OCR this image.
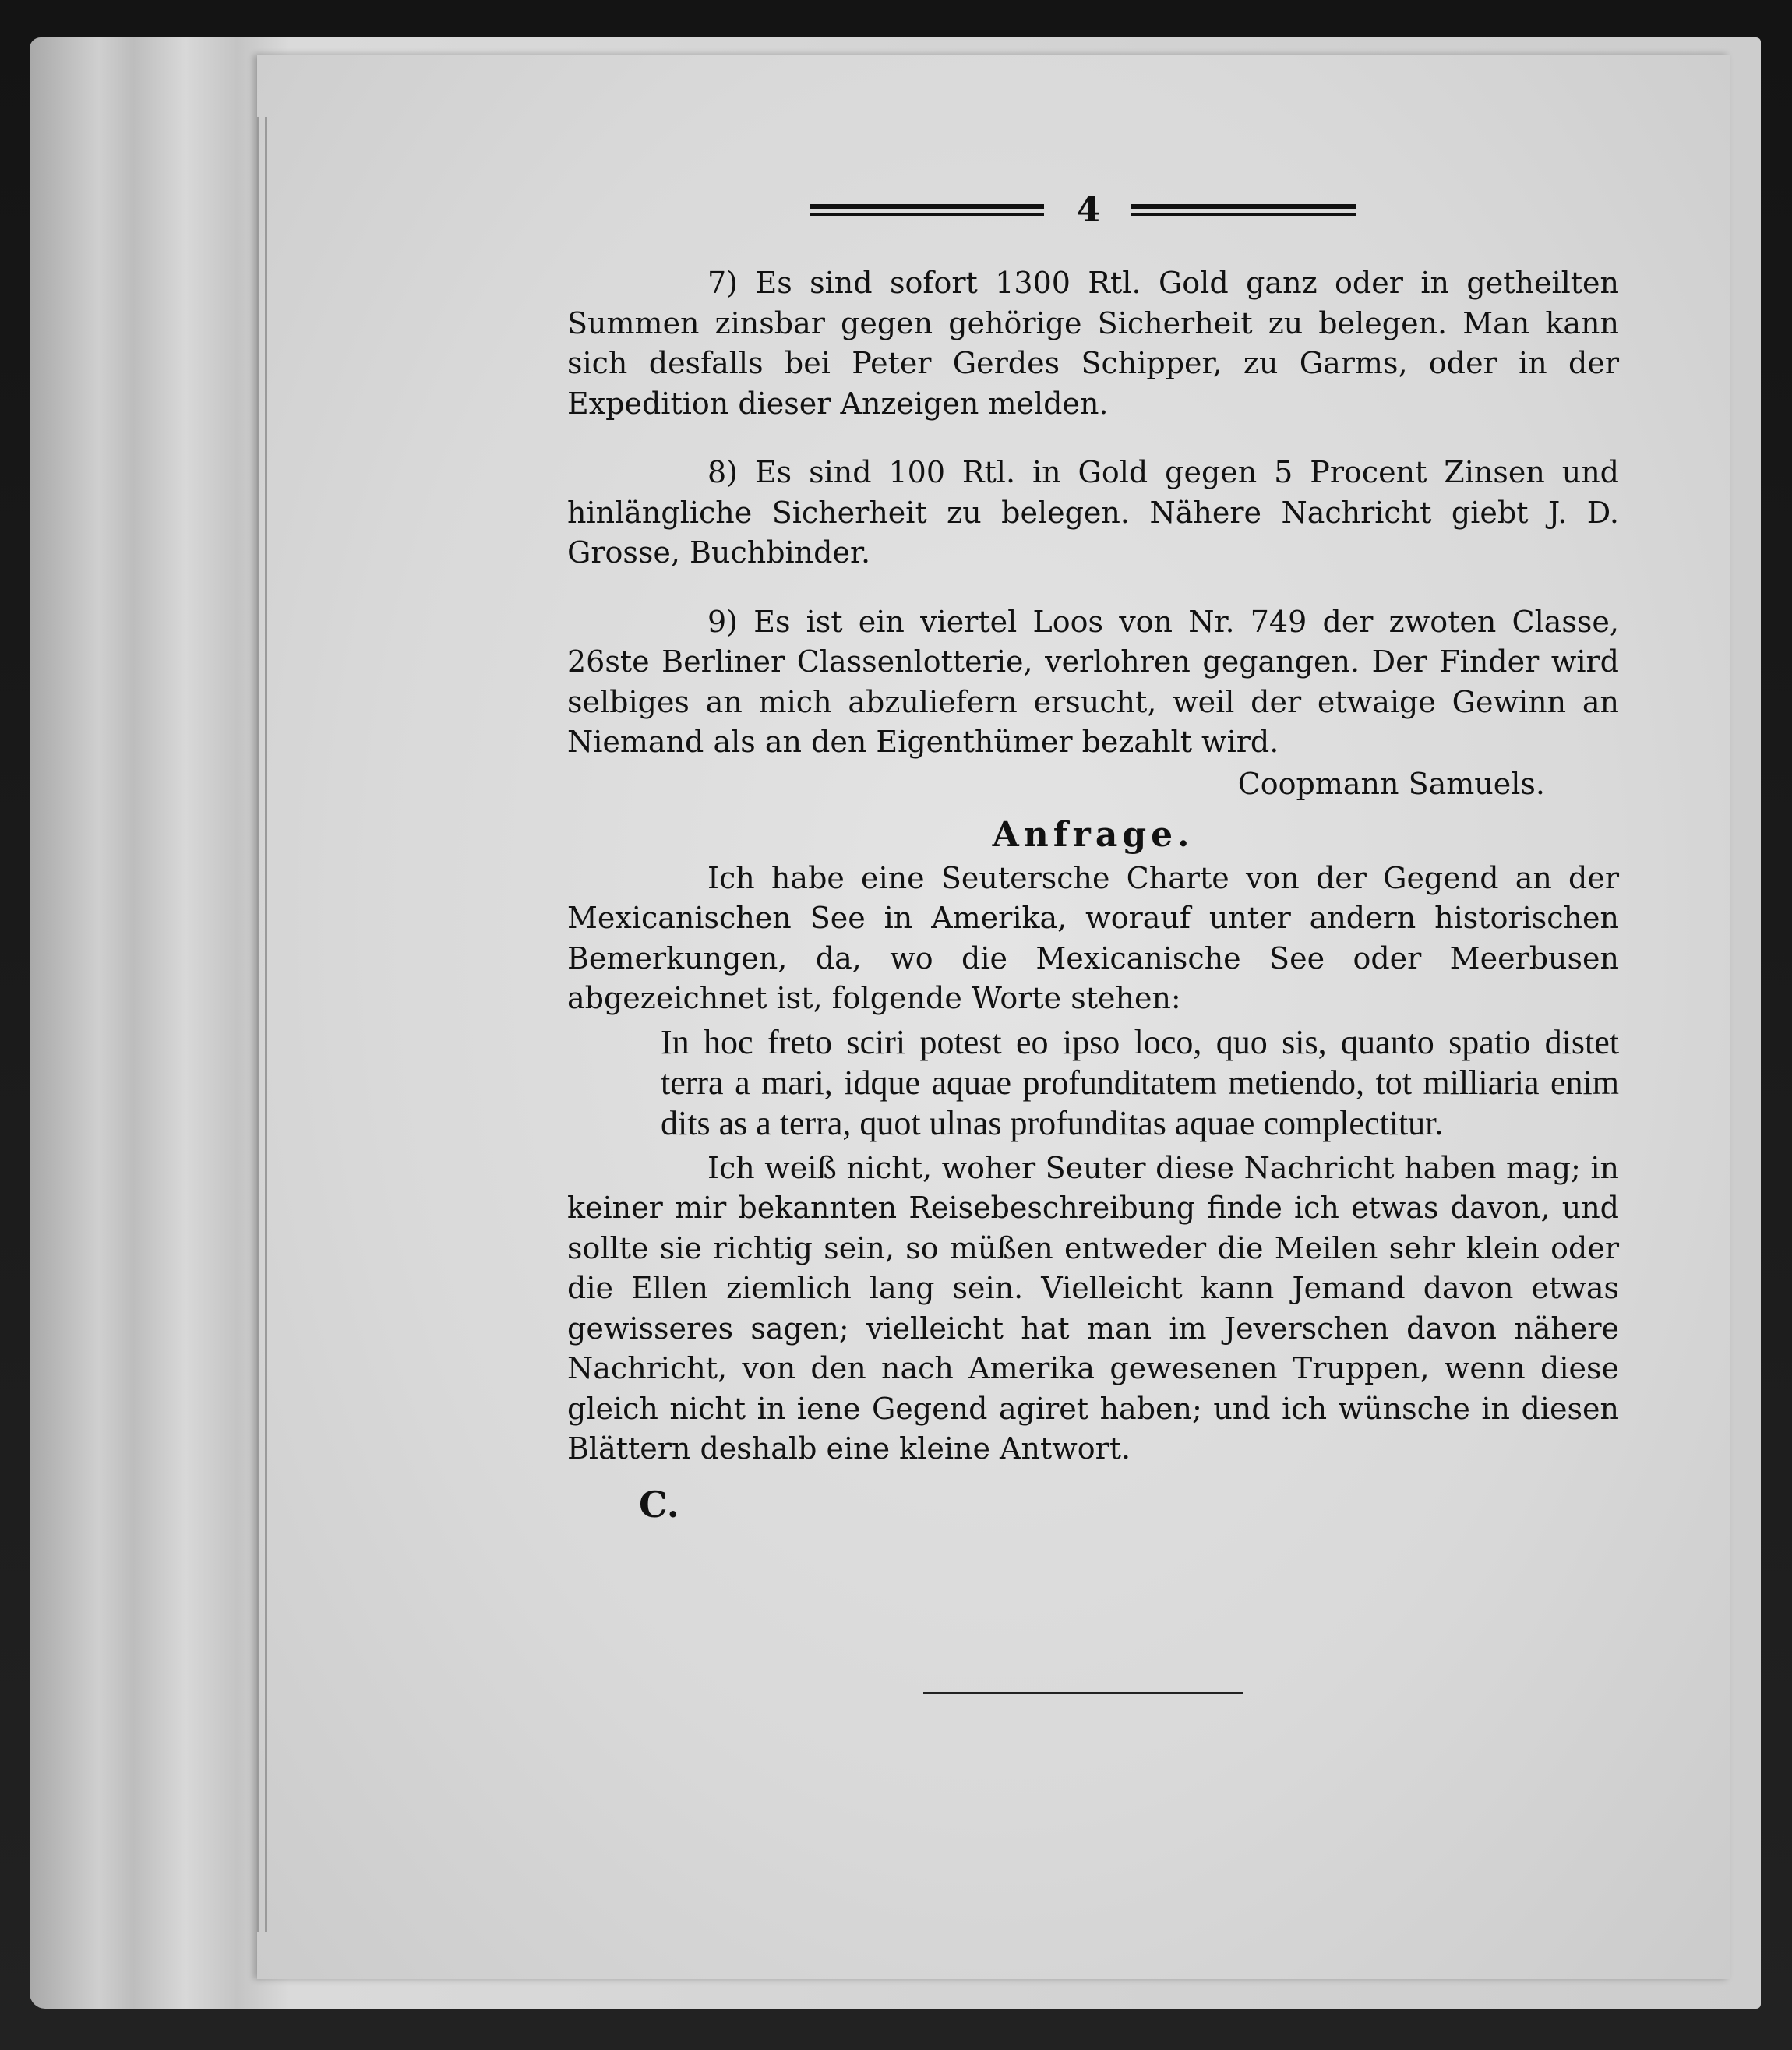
4

7) Es sind sofort 1300 Rtl. Gold ganz oder in getheilten Summen zinsbar gegen gehörige Sicherheit zu belegen. Man kann sich desfalls bei Peter Gerdes Schipper, zu Garms, oder in der Expedition dieser Anzeigen melden.

8) Es sind 100 Rtl. in Gold gegen 5 Procent Zinsen und hinlängliche Sicherheit zu belegen. Nähere Nachricht giebt J. D. Grosse, Buchbinder.

9) Es ist ein viertel Loos von Nr. 749 der zwoten Classe, 26ste Berliner Classenlotterie, verlohren gegangen. Der Finder wird selbiges an mich abzuliefern ersucht, weil der etwaige Gewinn an Niemand als an den Eigenthümer bezahlt wird.

Coopmann Samuels.

Anfrage.

Ich habe eine Seutersche Charte von der Gegend an der Mexicanischen See in Amerika, worauf unter andern historischen Bemerkungen, da, wo die Mexicanische See oder Meerbusen abgezeichnet ist, folgende Worte stehen:

In hoc freto sciri potest eo ipso loco, quo sis, quanto spatio distet terra a mari, idque aquae profunditatem metiendo, tot milliaria enim dits as a terra, quot ulnas profunditas aquae complectitur.

Ich weiß nicht, woher Seuter diese Nachricht haben mag; in keiner mir bekannten Reisebeschreibung finde ich etwas davon, und sollte sie richtig sein, so müßen entweder die Meilen sehr klein oder die Ellen ziemlich lang sein. Vielleicht kann Jemand davon etwas gewisseres sagen; vielleicht hat man im Jeverschen davon nähere Nachricht, von den nach Amerika gewesenen Truppen, wenn diese gleich nicht in iene Gegend agiret haben; und ich wünsche in diesen Blättern deshalb eine kleine Antwort.

C.
